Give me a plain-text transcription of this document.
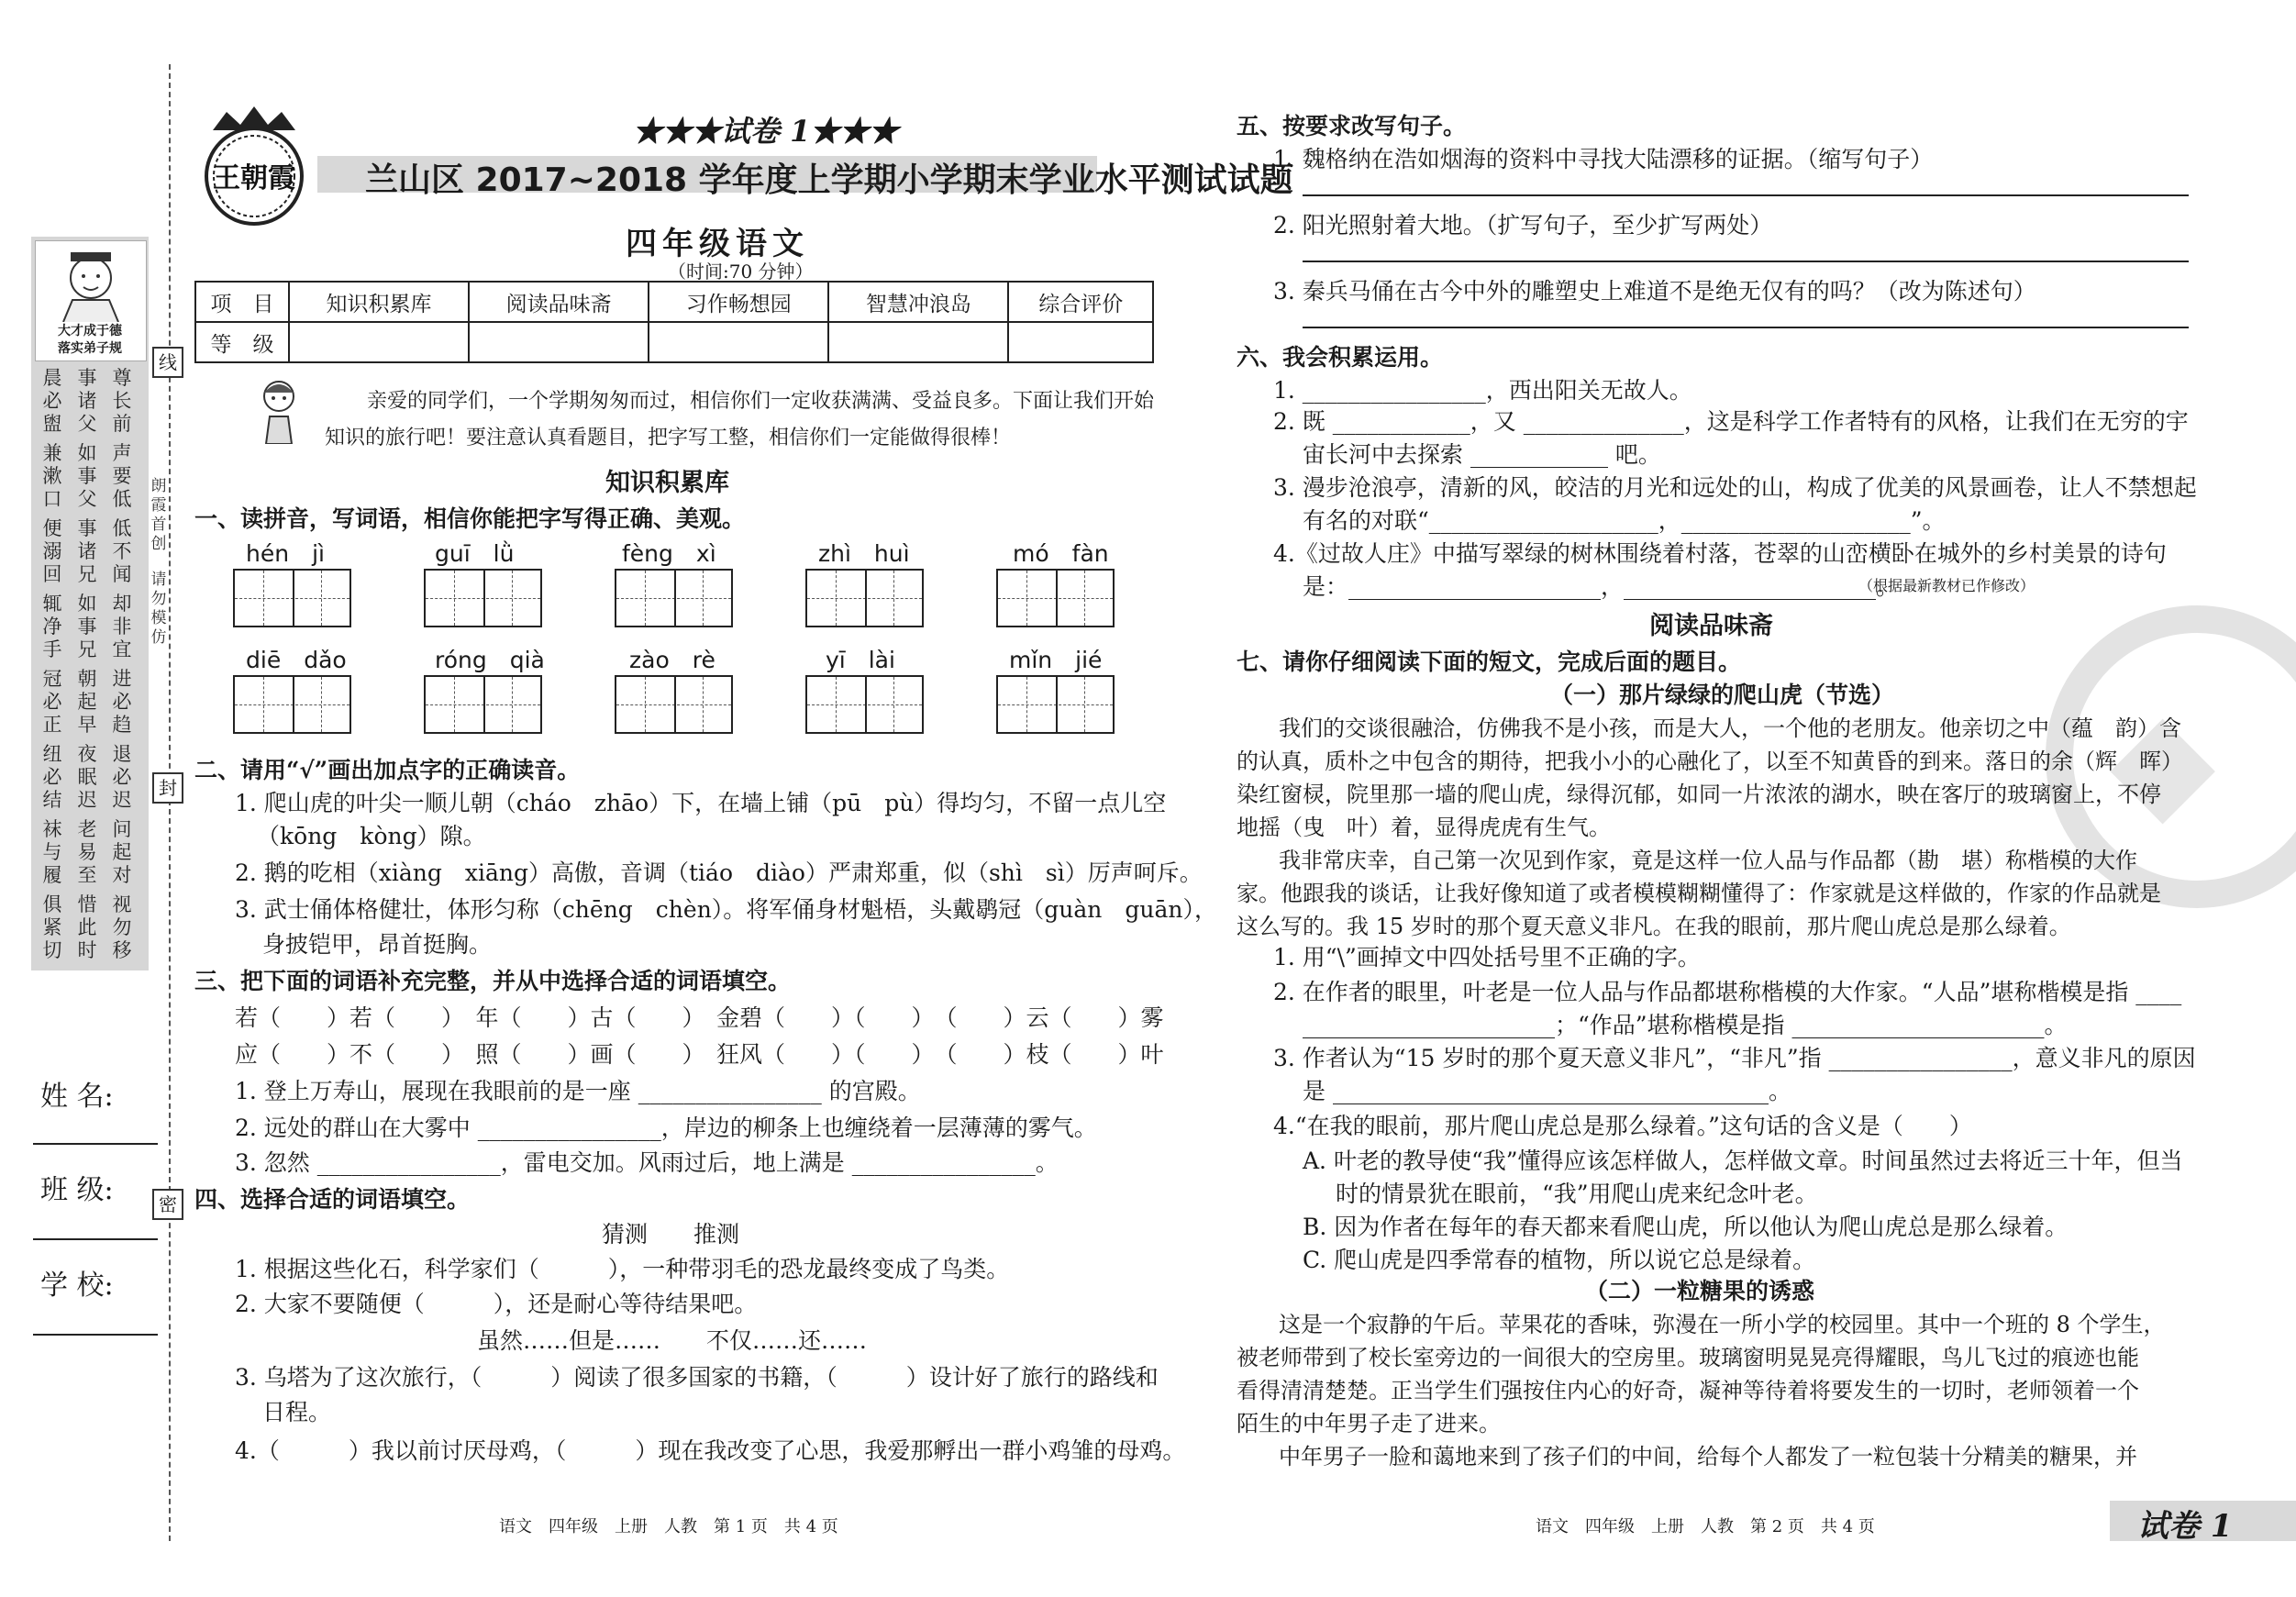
线
封
密
朗霞首创
请勿模仿
大才成于德
落实弟子规
晨必盥
事诸父
尊长前
兼漱口
如事父
声要低
便溺回
事诸兄
低不闻
辄净手
如事兄
却非宜
冠必正
朝起早
进必趋
纽必结
夜眠迟
退必迟
袜与履
老易至
问起对
俱紧切
惜此时
视勿移
姓 名:
班 级:
学 校:
王朝霞
★★★试卷 1★★★
兰山区 2017~2018 学年度上学期小学期末学业水平测试试题
四年级语文
（时间:70 分钟）
项　目	知识积累库	阅读品味斋	习作畅想园	智慧冲浪岛	综合评价
等　级					
亲爱的同学们，一个学期匆匆而过，相信你们一定收获满满、受益良多。下面让我们开始
知识的旅行吧！要注意认真看题目，把字写工整，相信你们一定能做得很棒！
知识积累库
一、读拼音，写词语，相信你能把字写得正确、美观。
hén　jì	guī　lǜ	fèng　xì	zhì　huì	mó　fàn
diē　dǎo	róng　qià	zào　rè	yī　lài	mǐn　jié
二、请用“√”画出加点字的正确读音。
1. 爬山虎的叶尖一顺儿朝（cháo　zhāo）下，在墙上铺（pū　pù）得均匀，不留一点儿空
（kōng　kòng）隙。
2. 鹅的吃相（xiàng　xiāng）高傲，音调（tiáo　diào）严肃郑重，似（shì　sì）厉声呵斥。
3. 武士俑体格健壮，体形匀称（chēng　chèn）。将军俑身材魁梧，头戴鹖冠（guàn　guān），
身披铠甲，昂首挺胸。
三、把下面的词语补充完整，并从中选择合适的词语填空。
若（　　）若（　　）　年（　　）古（　　）　金碧（　　）（　　）　（　　）云（　　）雾
应（　　）不（　　）　照（　　）画（　　）　狂风（　　）（　　）　（　　）枝（　　）叶
1. 登上万寿山，展现在我眼前的是一座 ________________ 的宫殿。
2. 远处的群山在大雾中 ________________，岸边的柳条上也缠绕着一层薄薄的雾气。
3. 忽然 ________________，雷电交加。风雨过后，地上满是 ________________。
四、选择合适的词语填空。
猜测　　推测
1. 根据这些化石，科学家们（　　　），一种带羽毛的恐龙最终变成了鸟类。
2. 大家不要随便（　　　），还是耐心等待结果吧。
虽然……但是……　　不仅……还……
3. 乌塔为了这次旅行，（　　　）阅读了很多国家的书籍，（　　　）设计好了旅行的路线和
日程。
4.（　　　）我以前讨厌母鸡，（　　　）现在我改变了心思，我爱那孵出一群小鸡雏的母鸡。
语文　四年级　上册　人教　第 1 页　共 4 页
◆
五、按要求改写句子。
1. 魏格纳在浩如烟海的资料中寻找大陆漂移的证据。（缩写句子）
2. 阳光照射着大地。（扩写句子，至少扩写两处）
3. 秦兵马俑在古今中外的雕塑史上难道不是绝无仅有的吗？（改为陈述句）
六、我会积累运用。
1. ________________，西出阳关无故人。
2. 既 ____________，又 ______________，这是科学工作者特有的风格，让我们在无穷的宇
宙长河中去探索 ____________ 吧。
3. 漫步沧浪亭，清新的风，皎洁的月光和远处的山，构成了优美的风景画卷，让人不禁想起
有名的对联“____________________，____________________”。
4.《过故人庄》中描写翠绿的树林围绕着村落，苍翠的山峦横卧在城外的乡村美景的诗句
是：______________________，______________________。
（根据最新教材已作修改）
阅读品味斋
七、请你仔细阅读下面的短文，完成后面的题目。
（一）那片绿绿的爬山虎（节选）
我们的交谈很融洽，仿佛我不是小孩，而是大人，一个他的老朋友。他亲切之中（蕴　韵）含
的认真，质朴之中包含的期待，把我小小的心融化了，以至不知黄昏的到来。落日的余（辉　晖）
染红窗棂，院里那一墙的爬山虎，绿得沉郁，如同一片浓浓的湖水，映在客厅的玻璃窗上，不停
地摇（曳　叶）着，显得虎虎有生气。
我非常庆幸，自己第一次见到作家，竟是这样一位人品与作品都（勘　堪）称楷模的大作
家。他跟我的谈话，让我好像知道了或者模模糊糊懂得了：作家就是这样做的，作家的作品就是
这么写的。我 15 岁时的那个夏天意义非凡。在我的眼前，那片爬山虎总是那么绿着。
1. 用“\”画掉文中四处括号里不正确的字。
2. 在作者的眼里，叶老是一位人品与作品都堪称楷模的大作家。“人品”堪称楷模是指 ____
______________________；“作品”堪称楷模是指 ______________________。
3. 作者认为“15 岁时的那个夏天意义非凡”，“非凡”指 ________________，意义非凡的原因
是 ______________________________________。
4.“在我的眼前，那片爬山虎总是那么绿着。”这句话的含义是（　　）
A. 叶老的教导使“我”懂得应该怎样做人，怎样做文章。时间虽然过去将近三十年，但当
时的情景犹在眼前，“我”用爬山虎来纪念叶老。
B. 因为作者在每年的春天都来看爬山虎，所以他认为爬山虎总是那么绿着。
C. 爬山虎是四季常春的植物，所以说它总是绿着。
（二）一粒糖果的诱惑
这是一个寂静的午后。苹果花的香味，弥漫在一所小学的校园里。其中一个班的 8 个学生，
被老师带到了校长室旁边的一间很大的空房里。玻璃窗明晃晃亮得耀眼，鸟儿飞过的痕迹也能
看得清清楚楚。正当学生们强按住内心的好奇，凝神等待着将要发生的一切时，老师领着一个
陌生的中年男子走了进来。
中年男子一脸和蔼地来到了孩子们的中间，给每个人都发了一粒包装十分精美的糖果，并
语文　四年级　上册　人教　第 2 页　共 4 页	试卷 1
